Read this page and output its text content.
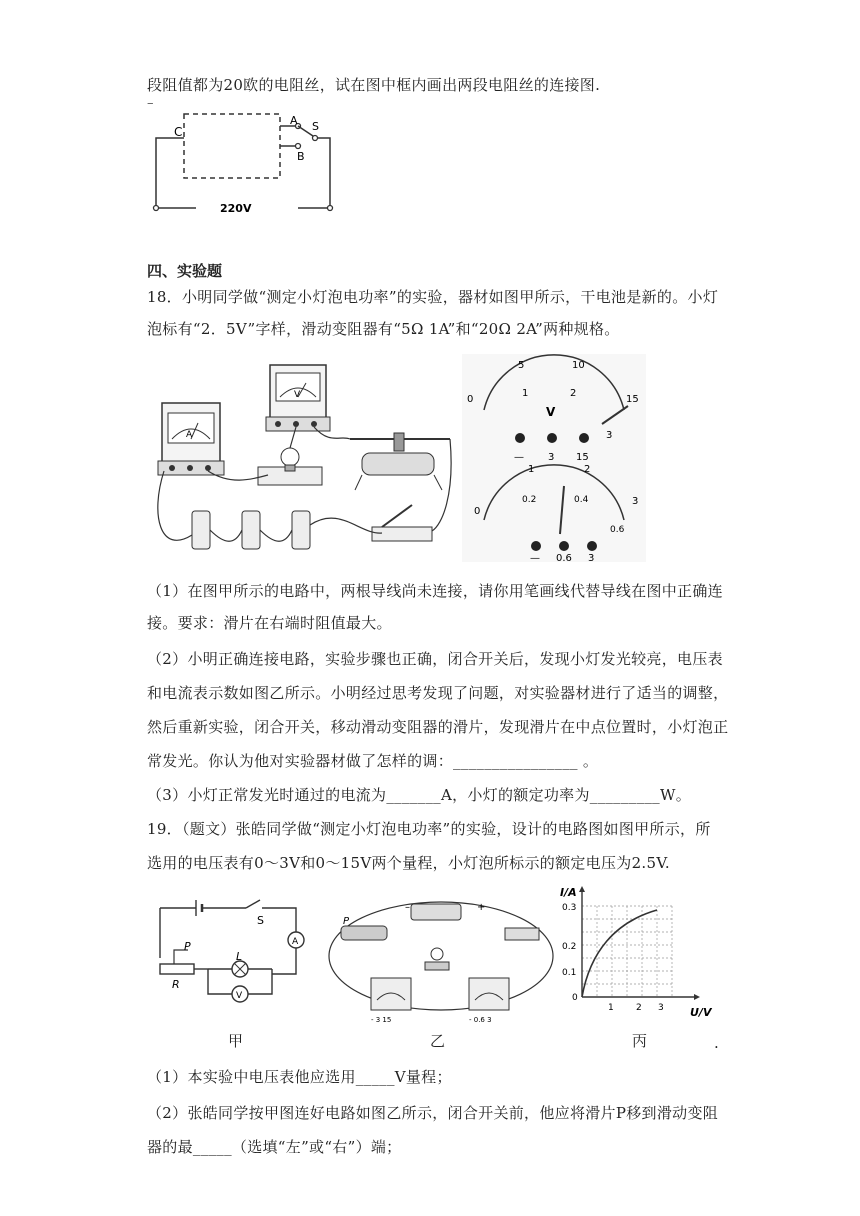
段阻值都为20欧的电阻丝，试在图中框内画出两段电阻丝的连接图.
–
C
A S
B
220V
四、实验题
18．小明同学做“测定小灯泡电功率”的实验，器材如图甲所示，干电池是新的。小灯
泡标有“2．5V”字样，滑动变阻器有“5Ω 1A”和“20Ω 2A”两种规格。
A
V	0
5	10
15
1	2
3
V
— 3 15
0
1	2
3
0.2	0.4
0.6
— 0.6 3
（1）在图甲所示的电路中，两根导线尚未连接，请你用笔画线代替导线在图中正确连
接。要求：滑片在右端时阻值最大。
（2）小明正确连接电路，实验步骤也正确，闭合开关后，发现小灯发光较亮，电压表
和电流表示数如图乙所示。小明经过思考发现了问题，对实验器材进行了适当的调整，
然后重新实验，闭合开关，移动滑动变阻器的滑片，发现滑片在中点位置时，小灯泡正
常发光。你认为他对实验器材做了怎样的调：________________ 。
（3）小灯正常发光时通过的电流为_______A，小灯的额定功率为_________W。
19．（题文）张皓同学做“测定小灯泡电功率”的实验，设计的电路图如图甲所示，所
选用的电压表有0～3V和0～15V两个量程，小灯泡所标示的额定电压为2.5V.
S
A
P
L
R
V
甲
–	+
P
- 3 15	- 0.6 3
乙
I/A
U/V
0.3
0.2
0.1
0
1 2 3
丙	.
（1）本实验中电压表他应选用_____V量程；
（2）张皓同学按甲图连好电路如图乙所示，闭合开关前，他应将滑片P移到滑动变阻
器的最_____（选填“左”或“右”）端；
